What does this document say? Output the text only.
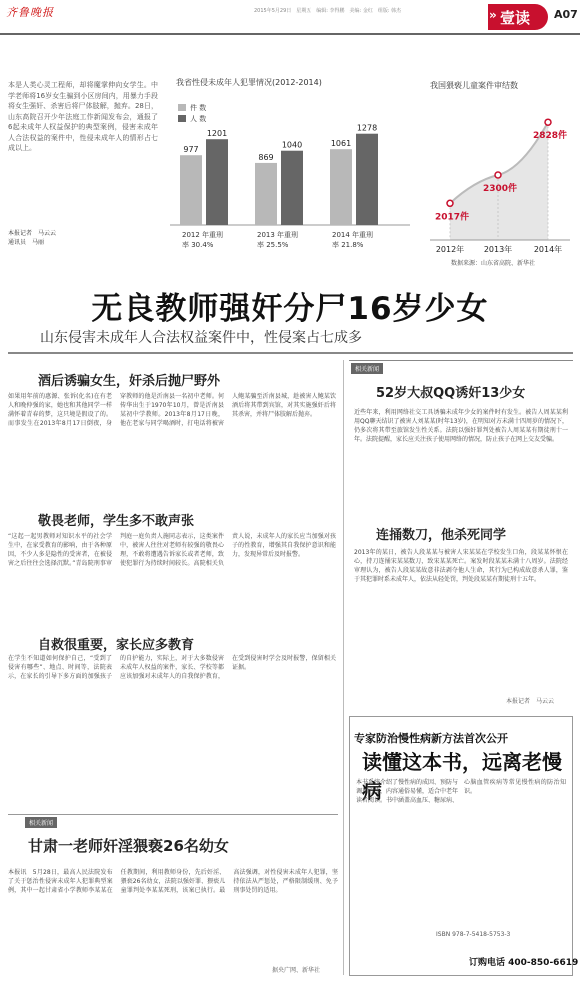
齐鲁晚报	2015年5月29日　星期五　编辑: 李得鹏　美编: 金红　组版: 韩杰	» 壹读 A07
本是人类心灵工程师，却将魔掌伸向女学生。中学老师将16岁女生骗到小区房间内，用暴力手段将女生强奸、杀害后将尸体肢解，抛弃。28日，山东高院召开少年法庭工作新闻发布会，通报了6起未成年人权益保护的典型案例，侵害未成年人合法权益的案件中，性侵未成年人的情形占七成以上。
本报记者　马云云
通讯员　马丽
我省性侵未成年人犯罪情况(2012-2014)
件 数
人 数
977
1201
2012 年重刑
率 30.4%
869
1040
2013 年重刑
率 25.5%
1061
1278
2014 年重刑
率 21.8%
我国猥亵儿童案件审结数
2017件
2012年
2300件
2013年
2828件
2014年
数据来源：山东省高院、新华社
无良教师强奸分尸16岁少女
山东侵害未成年人合法权益案件中，性侵案占七成多
酒后诱骗女生，奸杀后抛尸野外
如果用年前的惠源、张诉(化名)在有老人和晚仲强的家，她也和其他同学一样满怀着青春的梦，这只境是假设了的。而事发生在2013年8月17日倒夜，身穿教师的他是沂南县一名初中老师。何传华出生于1970年10月，曾是沂南县某初中学教师。2013年8月17日晚，他在老家与同学喝酒时，打电话将被害人鲍某骗至沂南县城，趁被害人鲍某饮酒后将其带到宾馆，对其实施强奸后将其杀害，并将尸体肢解后抛弃。
敬畏老师，学生多不敢声张
“这起一起男教师对知识水平的社会学生中，在家受教育的影响，由于各种原因，不少人多是隐性的受害者，在被侵害之后往往会选择沉默。”青岛院刑事审判庭一庭负责人施同志表示，这类案件中，被害人往往对老师有较强的敬畏心理，不敢将遭遇告诉家长或者老师，致使犯罪行为持续时间较长。高院相关负责人说，未成年人的家长应当加强对孩子的性教育，增强其自我保护意识和能力，发现异常后及时报警。
自救很重要，家长应多教育
在学生不知道如何保护自己，“受到了侵害有哪些”、地点、时间等，法院表示，在家长的引导下多方面的加强孩子的自护能力，实际上，对于大多数侵害未成年人权益的案件，家长、学校等都应该加强对未成年人的自我保护教育，在受到侵害时学会及时报警，保留相关证据。
相关新闻
52岁大叔QQ诱奸13少女
近些年来，利用网络社交工具诱骗未成年少女的案件时有发生。被告人周某某利用QQ聊天结识了被害人刘某某(时年13岁)，在明知对方未满十四周岁的情况下，仍多次将其带至旅馆发生性关系。法院以强奸罪判处被告人周某某有期徒刑十一年。法院提醒，家长应关注孩子使用网络的情况，防止孩子在网上交友受骗。
连捅数刀，他杀死同学
2013年的某日，被告人段某某与被害人宋某某在学校发生口角，段某某怀恨在心，持刀连捅宋某某数刀，致宋某某死亡。案发时段某某未满十八周岁。法院经审理认为，被告人段某某故意非法剥夺他人生命，其行为已构成故意杀人罪，鉴于其犯罪时系未成年人，依法从轻处罚，判处段某某有期徒刑十五年。
本报记者　马云云
专家防治慢性病新方法首次公开
读懂这本书，远离老慢病
本书系统介绍了慢性病的成因、预防与调理方法，内容通俗易懂，适合中老年读者阅读。书中涵盖高血压、糖尿病、心脑血管疾病等常见慢性病的防治知识。
ISBN 978-7-5418-5753-3
订购电话 400-850-6619
相关新闻
甘肃一老师奸淫猥亵26名幼女
本报讯　5月28日，最高人民法院发布了关于惩治性侵害未成年人犯罪典型案例，其中一起甘肃省小学教师李某某在任教期间，利用教师身份，先后奸淫、猥亵26名幼女，法院以强奸罪、猥亵儿童罪判处李某某死刑，该案已执行。最高法强调，对性侵害未成年人犯罪，坚持依法从严惩处，严格限制缓刑、免予刑事处罚的适用。
据央广网、新华社
